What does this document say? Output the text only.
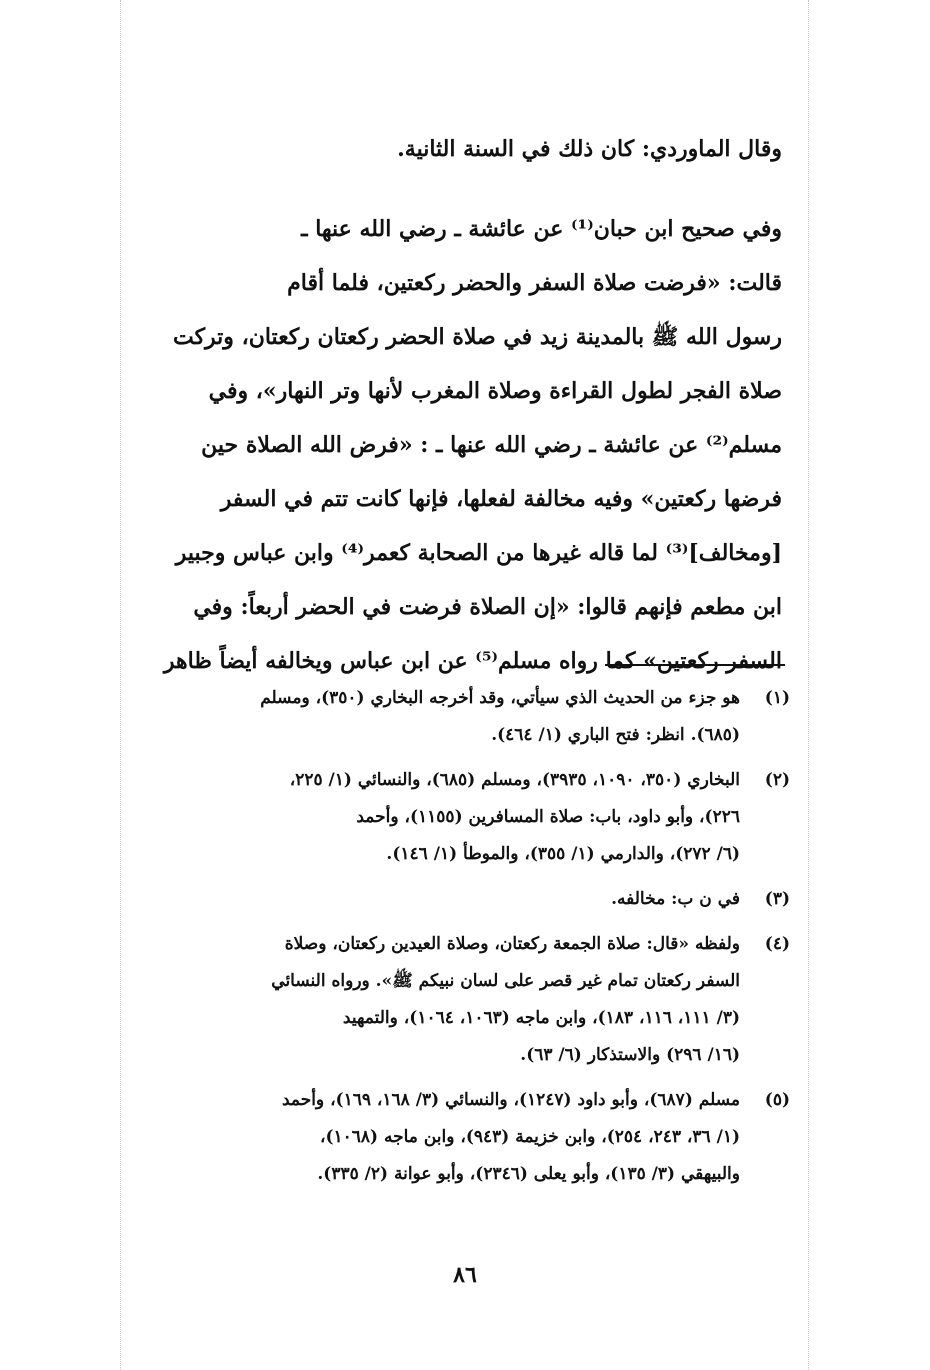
وقال الماوردي: كان ذلك في السنة الثانية.
وفي صحيح ابن حبان⁽¹⁾ عن عائشة ـ رضي الله عنها ـ
قالت: «فرضت صلاة السفر والحضر ركعتين، فلما أقام
رسول الله ﷺ بالمدينة زيد في صلاة الحضر ركعتان ركعتان، وتركت
صلاة الفجر لطول القراءة وصلاة المغرب لأنها وتر النهار»، وفي
مسلم⁽²⁾ عن عائشة ـ رضي الله عنها ـ : «فرض الله الصلاة حين
فرضها ركعتين» وفيه مخالفة لفعلها، فإنها كانت تتم في السفر
[ومخالف]⁽³⁾ لما قاله غيرها من الصحابة كعمر⁽⁴⁾ وابن عباس وجبير
ابن مطعم فإنهم قالوا: «إن الصلاة فرضت في الحضر أربعاً: وفي
السفر ركعتين» كما رواه مسلم⁽⁵⁾ عن ابن عباس ويخالفه أيضاً ظاهر
(١)
هو جزء من الحديث الذي سيأتي، وقد أخرجه البخاري (٣٥٠)، ومسلم
(٦٨٥). انظر: فتح الباري (١/ ٤٦٤).
(٢)
البخاري (٣٥٠، ١٠٩٠، ٣٩٣٥)، ومسلم (٦٨٥)، والنسائي (١/ ٢٢٥،
٢٢٦)، وأبو داود، باب: صلاة المسافرين (١١٥٥)، وأحمد
(٦/ ٢٧٢)، والدارمي (١/ ٣٥٥)، والموطأ (١/ ١٤٦).
(٣)
في ن ب: مخالفه.
(٤)
ولفظه «قال: صلاة الجمعة ركعتان، وصلاة العيدين ركعتان، وصلاة
السفر ركعتان تمام غير قصر على لسان نبيكم ﷺ». ورواه النسائي
(٣/ ١١١، ١١٦، ١٨٣)، وابن ماجه (١٠٦٣، ١٠٦٤)، والتمهيد
(١٦/ ٢٩٦) والاستذكار (٦/ ٦٣).
(٥)
مسلم (٦٨٧)، وأبو داود (١٢٤٧)، والنسائي (٣/ ١٦٨، ١٦٩)، وأحمد
(١/ ٣٦، ٢٤٣، ٢٥٤)، وابن خزيمة (٩٤٣)، وابن ماجه (١٠٦٨)،
والبيهقي (٣/ ١٣٥)، وأبو يعلى (٢٣٤٦)، وأبو عوانة (٢/ ٣٣٥).
٨٦
